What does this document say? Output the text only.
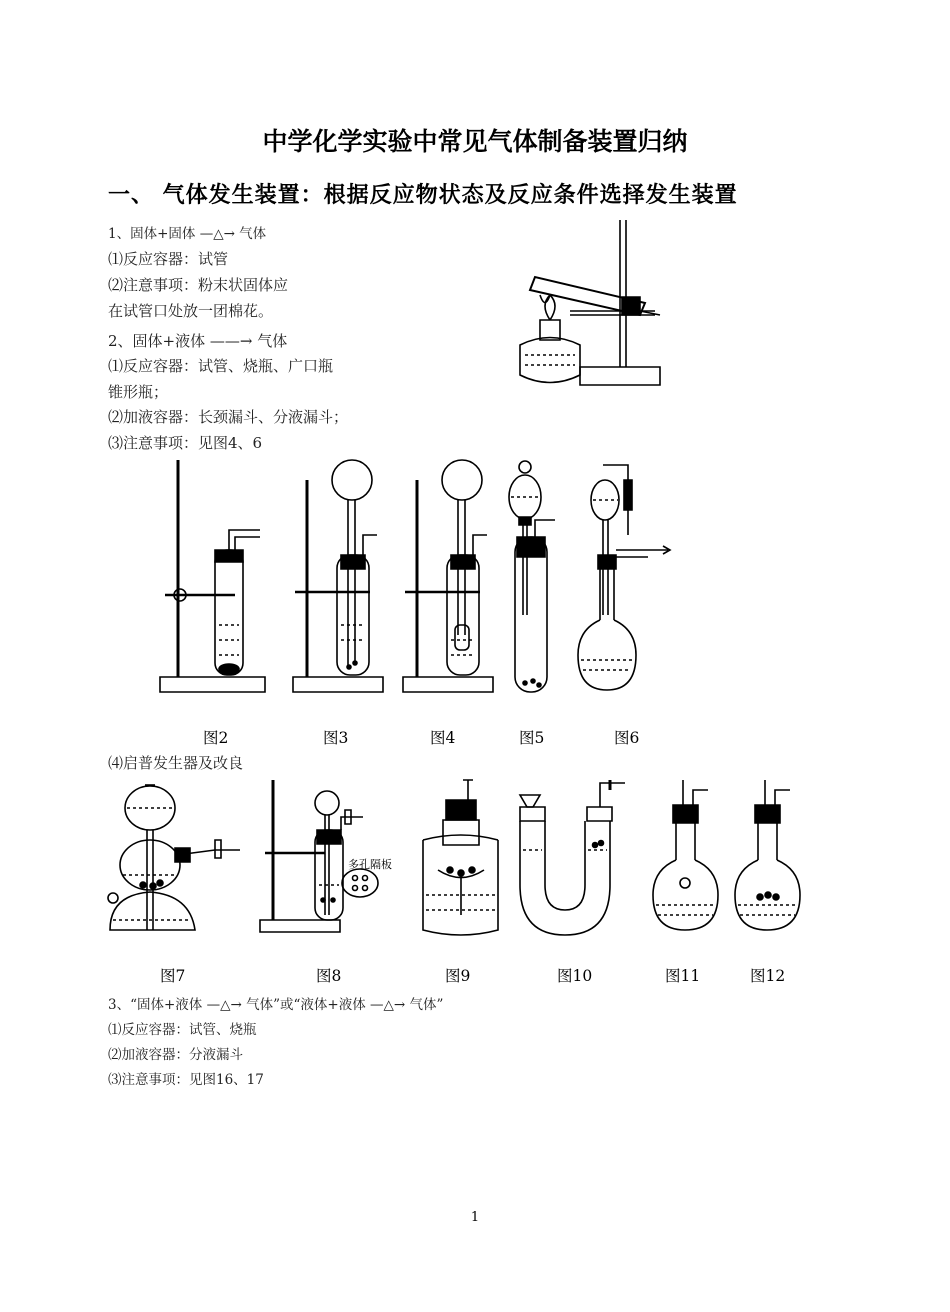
中学化学实验中常见气体制备装置归纳
一、 气体发生装置：根据反应物状态及反应条件选择发生装置
1、固体+固体 —△→ 气体
⑴反应容器：试管
⑵注意事项：粉末状固体应
在试管口处放一团棉花。
2、固体+液体 ——→ 气体
⑴反应容器：试管、烧瓶、广口瓶
锥形瓶；
⑵加液容器：长颈漏斗、分液漏斗；
⑶注意事项：见图4、6
图2	图3	图4	图5	图6
⑷启普发生器及改良
多孔隔板
图7	图8	图9	图10	图11	图12
3、“固体+液体 —△→ 气体”或“液体+液体 —△→ 气体”
⑴反应容器：试管、烧瓶
⑵加液容器：分液漏斗
⑶注意事项：见图16、17
1
